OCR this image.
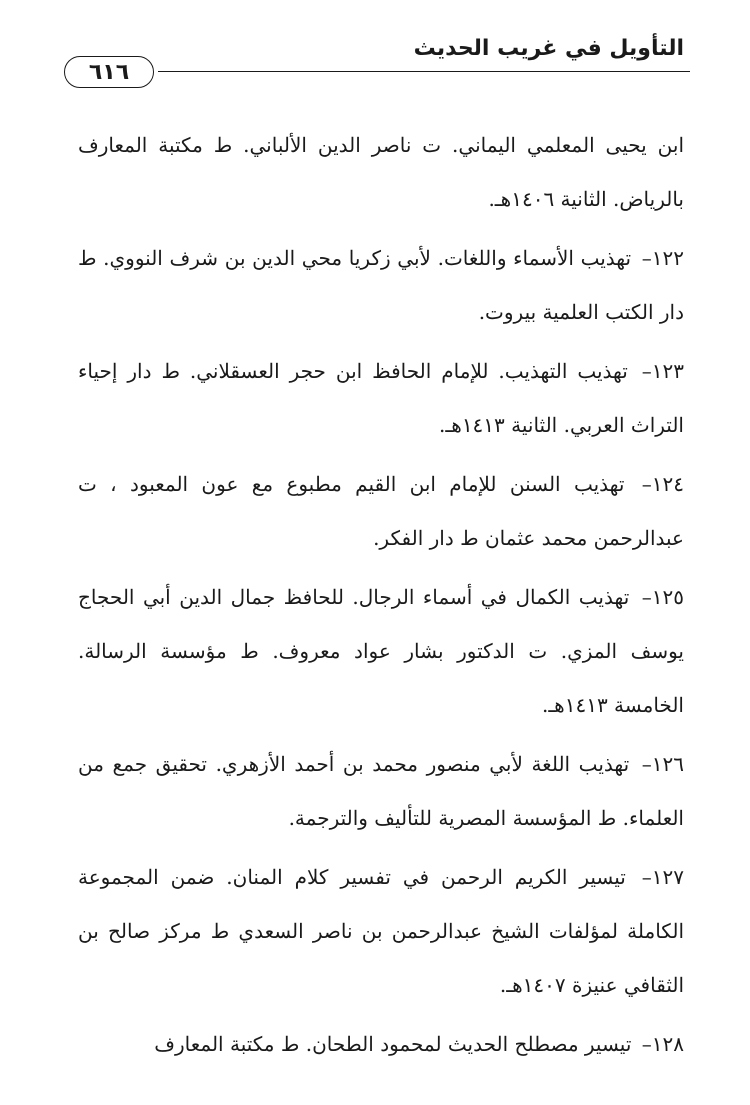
التأويل في غريب الحديث
٦١٦

ابن يحيى المعلمي اليماني. ت ناصر الدين الألباني. ط مكتبة المعارف بالرياض. الثانية ١٤٠٦هـ.

١٢٢– تهذيب الأسماء واللغات. لأبي زكريا محي الدين بن شرف النووي. ط دار الكتب العلمية بيروت.

١٢٣– تهذيب التهذيب. للإمام الحافظ ابن حجر العسقلاني. ط دار إحياء التراث العربي. الثانية ١٤١٣هـ.

١٢٤– تهذيب السنن للإمام ابن القيم مطبوع مع عون المعبود ، ت عبدالرحمن محمد عثمان ط دار الفكر.

١٢٥– تهذيب الكمال في أسماء الرجال. للحافظ جمال الدين أبي الحجاج يوسف المزي. ت الدكتور بشار عواد معروف. ط مؤسسة الرسالة. الخامسة ١٤١٣هـ.

١٢٦– تهذيب اللغة لأبي منصور محمد بن أحمد الأزهري. تحقيق جمع من العلماء. ط المؤسسة المصرية للتأليف والترجمة.

١٢٧– تيسير الكريم الرحمن في تفسير كلام المنان. ضمن المجموعة الكاملة لمؤلفات الشيخ عبدالرحمن بن ناصر السعدي ط مركز صالح بن الثقافي عنيزة ١٤٠٧هـ.

١٢٨– تيسير مصطلح الحديث لمحمود الطحان. ط مكتبة المعارف
